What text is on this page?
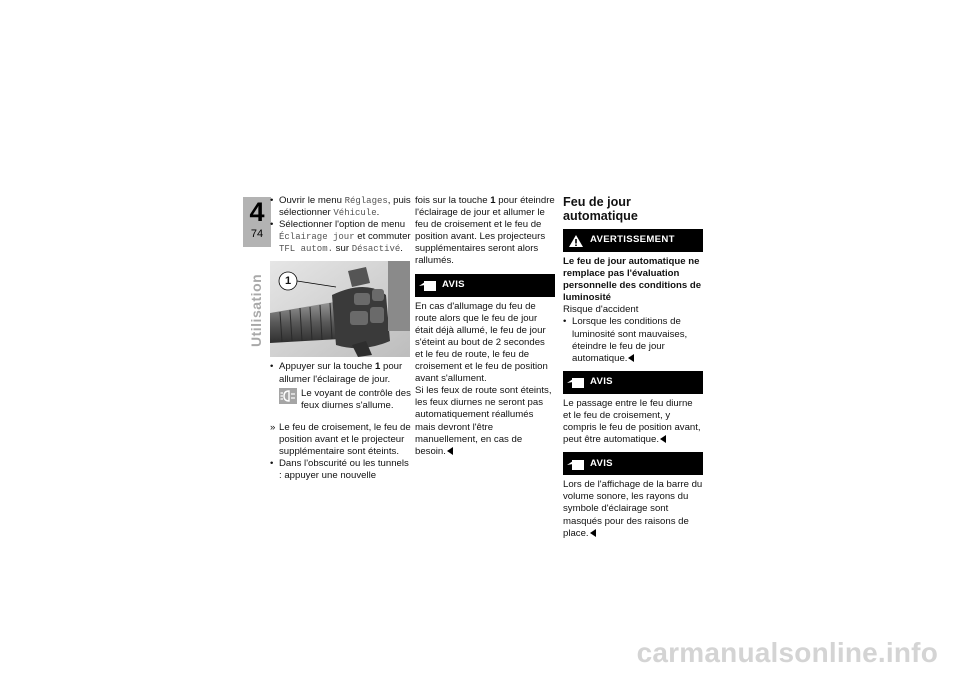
4
74
Utilisation

• Ouvrir le menu Réglages, puis sélectionner Véhicule.

• Sélectionner l'option de menu Éclairage jour et commuter TFL autom. sur Désactivé.

1

• Appuyer sur la touche 1 pour allumer l'éclairage de jour.

Le voyant de contrôle des feux diurnes s'allume.

» Le feu de croisement, le feu de position avant et le projecteur supplémentaire sont éteints.

• Dans l'obscurité ou les tunnels : appuyer une nouvelle

fois sur la touche 1 pour éteindre l'éclairage de jour et allumer le feu de croisement et le feu de position avant. Les projecteurs supplémentaires seront alors rallumés.

AVIS

En cas d'allumage du feu de route alors que le feu de jour était déjà allumé, le feu de jour s'éteint au bout de 2 secondes et le feu de route, le feu de croisement et le feu de position avant s'allument.

Si les feux de route sont éteints, les feux diurnes ne seront pas automatiquement réallumés mais devront l'être manuellement, en cas de besoin.

Feu de jour automatique
AVERTISSEMENT

Le feu de jour automatique ne remplace pas l'évaluation personnelle des conditions de luminosité

Risque d'accident

• Lorsque les conditions de luminosité sont mauvaises, éteindre le feu de jour automatique.

AVIS

Le passage entre le feu diurne et le feu de croisement, y compris le feu de position avant, peut être automatique.

AVIS

Lors de l'affichage de la barre du volume sonore, les rayons du symbole d'éclairage sont masqués pour des raisons de place.

carmanualsonline.info
